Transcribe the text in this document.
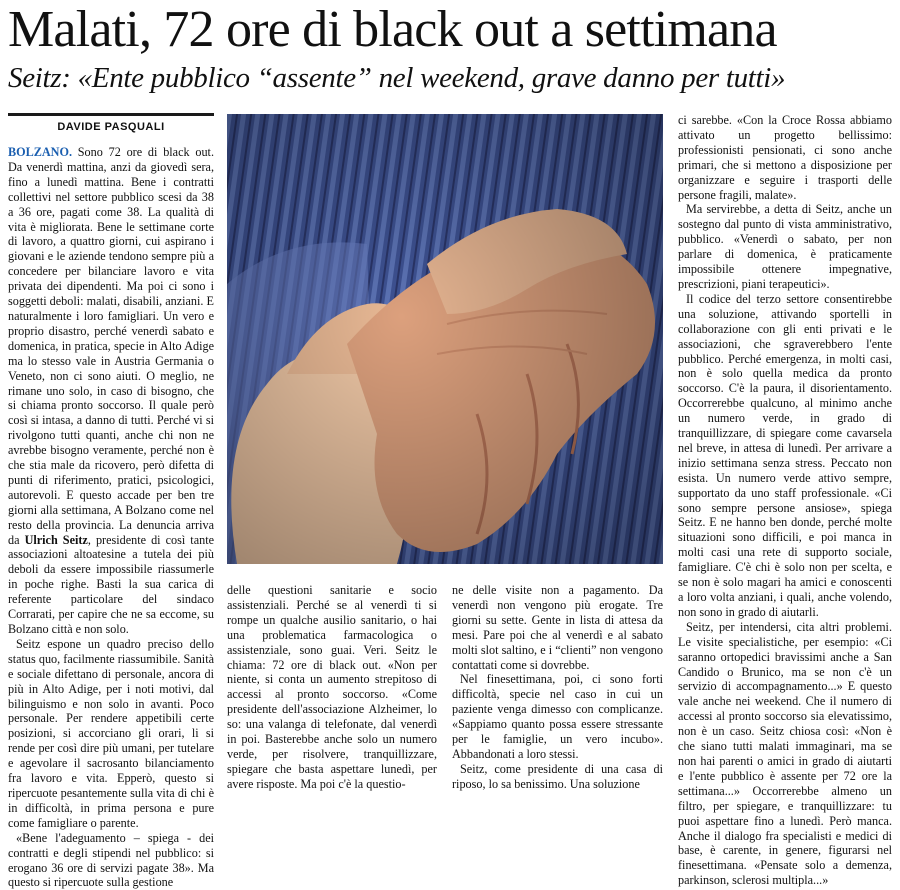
Malati, 72 ore di black out a settimana
Seitz: «Ente pubblico “assente” nel weekend, grave danno per tutti»
DAVIDE PASQUALI

BOLZANO. Sono 72 ore di black out. Da venerdì mattina, anzi da giovedì sera, fino a lunedì mattina. Bene i contratti collettivi nel settore pubblico scesi da 38 a 36 ore, pagati come 38. La qualità di vita è migliorata. Bene le settimane corte di lavoro, a quattro giorni, cui aspirano i giovani e le aziende tendono sempre più a concedere per bilanciare lavoro e vita privata dei dipendenti. Ma poi ci sono i soggetti deboli: malati, disabili, anziani. E naturalmente i loro famigliari. Un vero e proprio disastro, perché venerdì sabato e domenica, in pratica, specie in Alto Adige ma lo stesso vale in Austria Germania o Veneto, non ci sono aiuti. O meglio, ne rimane uno solo, in caso di bisogno, che si chiama pronto soccorso. Il quale però così si intasa, a danno di tutti. Perché vi si rivolgono tutti quanti, anche chi non ne avrebbe bisogno veramente, perché non è che stia male da ricovero, però difetta di punti di riferimento, pratici, psicologici, autorevoli. E questo accade per ben tre giorni alla settimana, A Bolzano come nel resto della provincia. La denuncia arriva da Ulrich Seitz, presidente di così tante associazioni altoatesine a tutela dei più deboli da essere impossibile riassumerle in poche righe. Basti la sua carica di referente particolare del sindaco Corrarati, per capire che ne sa eccome, su Bolzano città e non solo.

Seitz espone un quadro preciso dello status quo, facilmente riassumibile. Sanità e sociale difettano di personale, ancora di più in Alto Adige, per i noti motivi, dal bilinguismo e non solo in avanti. Poco personale. Per rendere appetibili certe posizioni, si accorciano gli orari, li si rende per così dire più umani, per tutelare e agevolare il sacrosanto bilanciamento fra lavoro e vita. Epperò, questo si ripercuote pesantemente sulla vita di chi è in difficoltà, in prima persona e pure come famigliare o parente.

«Bene l'adeguamento – spiega - dei contratti e degli stipendi nel pubblico: si erogano 36 ore di servizi pagate 38». Ma questo si ripercuote sulla gestione

delle questioni sanitarie e socio assistenziali. Perché se al venerdì ti si rompe un qualche ausilio sanitario, o hai una problematica farmacologica o assistenziale, sono guai. Veri. Seitz le chiama: 72 ore di black out. «Non per niente, si conta un aumento strepitoso di accessi al pronto soccorso. «Come presidente dell'associazione Alzheimer, lo so: una valanga di telefonate, dal venerdì in poi. Basterebbe anche solo un numero verde, per risolvere, tranquillizzare, spiegare che basta aspettare lunedì, per avere risposte. Ma poi c'è la questio-

ne delle visite non a pagamento. Da venerdì non vengono più erogate. Tre giorni su sette. Gente in lista di attesa da mesi. Pare poi che al venerdì e al sabato molti slot saltino, e i “clienti” non vengono contattati come si dovrebbe.

Nel finesettimana, poi, ci sono forti difficoltà, specie nel caso in cui un paziente venga dimesso con complicanze. «Sappiamo quanto possa essere stressante per le famiglie, un vero incubo». Abbandonati a loro stessi.

Seitz, come presidente di una casa di riposo, lo sa benissimo. Una soluzione

ci sarebbe. «Con la Croce Rossa abbiamo attivato un progetto bellissimo: professionisti pensionati, ci sono anche primari, che si mettono a disposizione per organizzare e seguire i trasporti delle persone fragili, malate».

Ma servirebbe, a detta di Seitz, anche un sostegno dal punto di vista amministrativo, pubblico. «Venerdì o sabato, per non parlare di domenica, è praticamente impossibile ottenere impegnative, prescrizioni, piani terapeutici».

Il codice del terzo settore consentirebbe una soluzione, attivando sportelli in collaborazione con gli enti privati e le associazioni, che sgraverebbero l'ente pubblico. Perché emergenza, in molti casi, non è solo quella medica da pronto soccorso. C'è la paura, il disorientamento. Occorrerebbe qualcuno, al minimo anche un numero verde, in grado di tranquillizzare, di spiegare come cavarsela nel breve, in attesa di lunedì. Per arrivare a inizio settimana senza stress. Peccato non esista. Un numero verde attivo sempre, supportato da uno staff professionale. «Ci sono sempre persone ansiose», spiega Seitz. E ne hanno ben donde, perché molte situazioni sono difficili, e poi manca in molti casi una rete di supporto sociale, famigliare. C'è chi è solo non per scelta, e se non è solo magari ha amici e conoscenti a loro volta anziani, i quali, anche volendo, non sono in grado di aiutarli.

Seitz, per intendersi, cita altri problemi. Le visite specialistiche, per esempio: «Ci saranno ortopedici bravissimi anche a San Candido o Brunico, ma se non c'è un servizio di accompagnamento...» E questo vale anche nei weekend. Che il numero di accessi al pronto soccorso sia elevatissimo, non è un caso. Seitz chiosa così: «Non è che siano tutti malati immaginari, ma se non hai parenti o amici in grado di aiutarti e l'ente pubblico è assente per 72 ore la settimana...» Occorrerebbe almeno un filtro, per spiegare, e tranquillizzare: tu puoi aspettare fino a lunedì. Però manca. Anche il dialogo fra specialisti e medici di base, è carente, in genere, figurarsi nel finesettimana. «Pensate solo a demenza, parkinson, sclerosi multipla...»
